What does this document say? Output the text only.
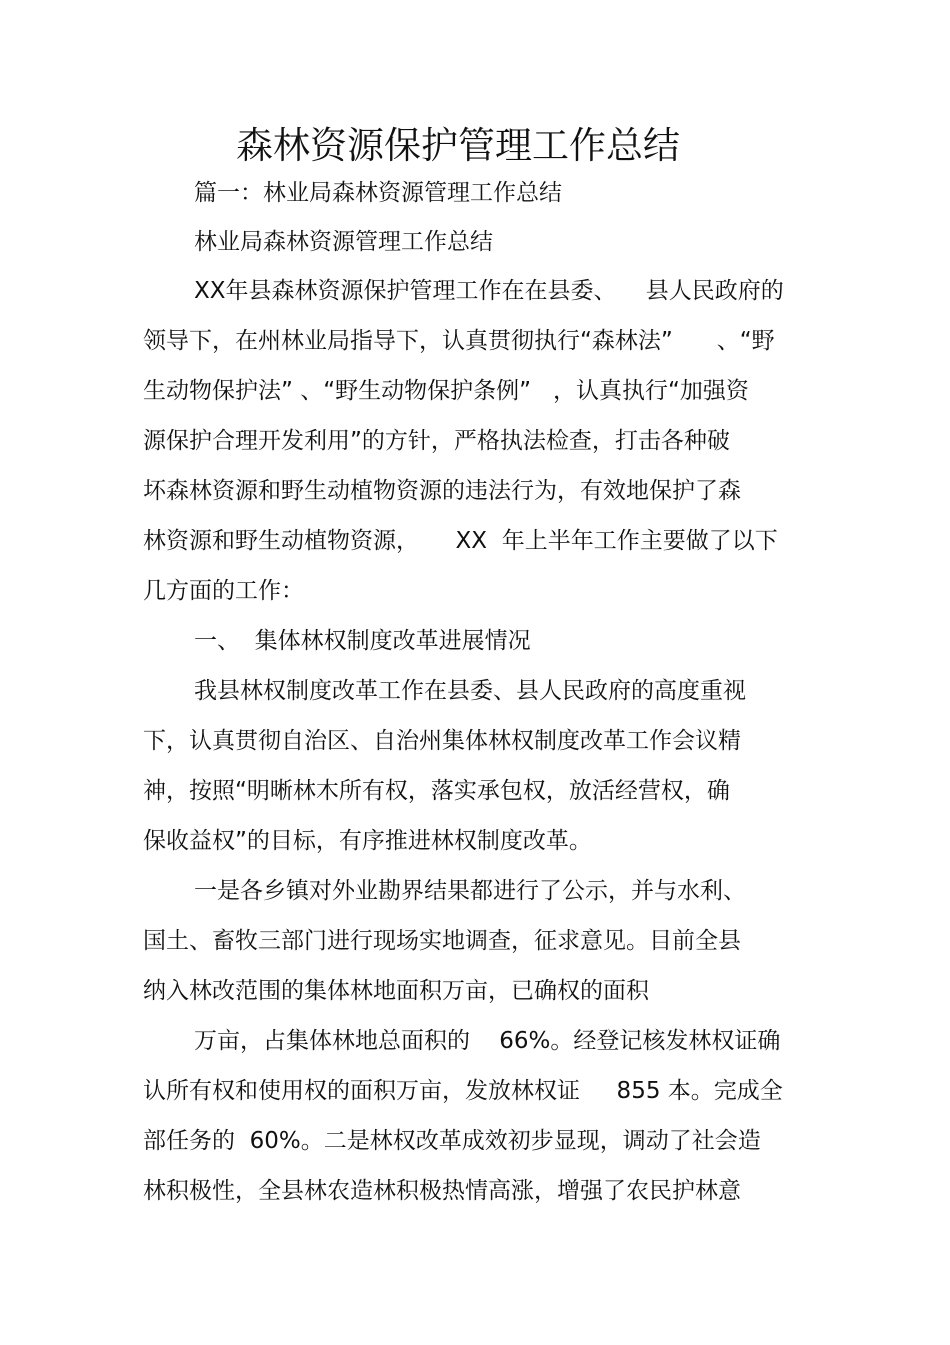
森林资源保护管理工作总结
篇一：林业局森林资源管理工作总结
林业局森林资源管理工作总结
XX年县森林资源保护管理工作在在县委、    县人民政府的
领导下，在州林业局指导下，认真贯彻执行“森林法”      、“野
生动物保护法” 、“野生动物保护条例”   ，认真执行“加强资
源保护合理开发利用”的方针，严格执法检查，打击各种破
坏森林资源和野生动植物资源的违法行为，有效地保护了森
林资源和野生动植物资源，     XX  年上半年工作主要做了以下
几方面的工作：
一、  集体林权制度改革进展情况
我县林权制度改革工作在县委、县人民政府的高度重视
下，认真贯彻自治区、自治州集体林权制度改革工作会议精
神，按照“明晰林木所有权，落实承包权，放活经营权，确
保收益权”的目标，有序推进林权制度改革。
一是各乡镇对外业勘界结果都进行了公示，并与水利、
国土、畜牧三部门进行现场实地调查，征求意见。目前全县
纳入林改范围的集体林地面积万亩，已确权的面积
万亩，占集体林地总面积的    66%。经登记核发林权证确
认所有权和使用权的面积万亩，发放林权证     855 本。完成全
部任务的  60%。二是林权改革成效初步显现，调动了社会造
林积极性，全县林农造林积极热情高涨，增强了农民护林意
